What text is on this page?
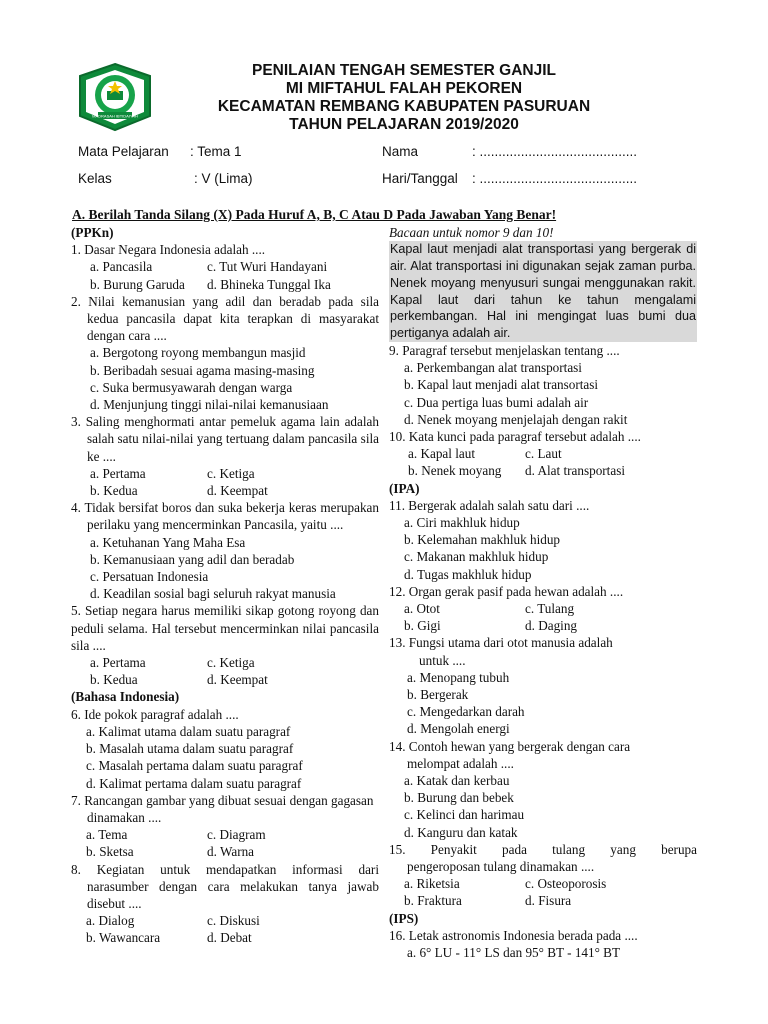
MADRASAH IBTIDAIYAH
PENILAIAN TENGAH SEMESTER GANJIL
MI MIFTAHUL FALAH PEKOREN
KECAMATAN REMBANG KABUPATEN PASURUAN
TAHUN PELAJARAN 2019/2020
Mata Pelajaran : Tema 1	Nama	: ..........................................
Kelas	: V (Lima)	Hari/Tanggal : ..........................................
A. Berilah Tanda Silang (X) Pada Huruf A, B, C Atau D Pada Jawaban Yang Benar!

(PPKn)

1. Dasar Negara Indonesia adalah ....

a. Pancasila	c. Tut Wuri Handayani

b. Burung Garuda	d. Bhineka Tunggal Ika

2. Nilai kemanusian yang adil dan beradab pada sila kedua pancasila dapat kita terapkan di masyarakat dengan cara ....

a. Bergotong royong membangun masjid

b. Beribadah sesuai agama masing-masing

c. Suka bermusyawarah dengan warga

d. Menjunjung tinggi nilai-nilai kemanusiaan

3. Saling menghormati antar pemeluk agama lain adalah salah satu nilai-nilai yang tertuang dalam pancasila sila ke ....

a. Pertama	c. Ketiga

b. Kedua	d. Keempat

4. Tidak bersifat boros dan suka bekerja keras merupakan perilaku yang mencerminkan Pancasila, yaitu ....

a. Ketuhanan Yang Maha Esa

b. Kemanusiaan yang adil dan beradab

c. Persatuan Indonesia

d. Keadilan sosial bagi seluruh rakyat manusia

5. Setiap negara harus memiliki sikap gotong royong dan peduli selama. Hal tersebut mencerminkan nilai pancasila sila ....

a. Pertama	c. Ketiga

b. Kedua	d. Keempat

(Bahasa Indonesia)

6. Ide pokok paragraf adalah ....

a. Kalimat utama dalam suatu paragraf

b. Masalah utama dalam suatu paragraf

c. Masalah pertama dalam suatu paragraf

d. Kalimat pertama dalam suatu paragraf

7. Rancangan gambar yang dibuat sesuai dengan gagasan dinamakan ....

a. Tema	c. Diagram

b. Sketsa	d. Warna

8. Kegiatan untuk mendapatkan informasi dari narasumber dengan cara melakukan tanya jawab disebut ....

a. Dialog	c. Diskusi

b. Wawancara	d. Debat

Bacaan untuk nomor 9 dan 10!

Kapal laut menjadi alat transportasi yang bergerak di air. Alat transportasi ini digunakan sejak zaman purba. Nenek moyang menyusuri sungai menggunakan rakit. Kapal laut dari tahun ke tahun mengalami perkembangan. Hal ini mengingat luas bumi dua pertiganya adalah air.

9. Paragraf tersebut menjelaskan tentang ....

a. Perkembangan alat transportasi

b. Kapal laut menjadi alat transortasi

c. Dua pertiga luas bumi adalah air

d. Nenek moyang menjelajah dengan rakit

10. Kata kunci pada paragraf tersebut adalah ....

a. Kapal laut	c. Laut

b. Nenek moyang	d. Alat transportasi

(IPA)

11. Bergerak adalah salah satu dari ....

a. Ciri makhluk hidup

b. Kelemahan makhluk hidup

c. Makanan makhluk hidup

d. Tugas makhluk hidup

12. Organ gerak pasif pada hewan adalah ....

a. Otot	c. Tulang

b. Gigi	d. Daging

13. Fungsi utama dari otot manusia adalah

untuk ....

a. Menopang tubuh

b. Bergerak

c. Mengedarkan darah

d. Mengolah energi

14. Contoh hewan yang bergerak dengan cara

melompat adalah ....

a. Katak dan kerbau

b. Burung dan bebek

c. Kelinci dan harimau

d. Kanguru dan katak

15. Penyakit pada tulang yang berupa

pengeroposan tulang dinamakan ....

a. Riketsia	c. Osteoporosis

b. Fraktura	d. Fisura

(IPS)

16. Letak astronomis Indonesia berada pada ....

a. 6° LU - 11° LS dan 95° BT - 141° BT
